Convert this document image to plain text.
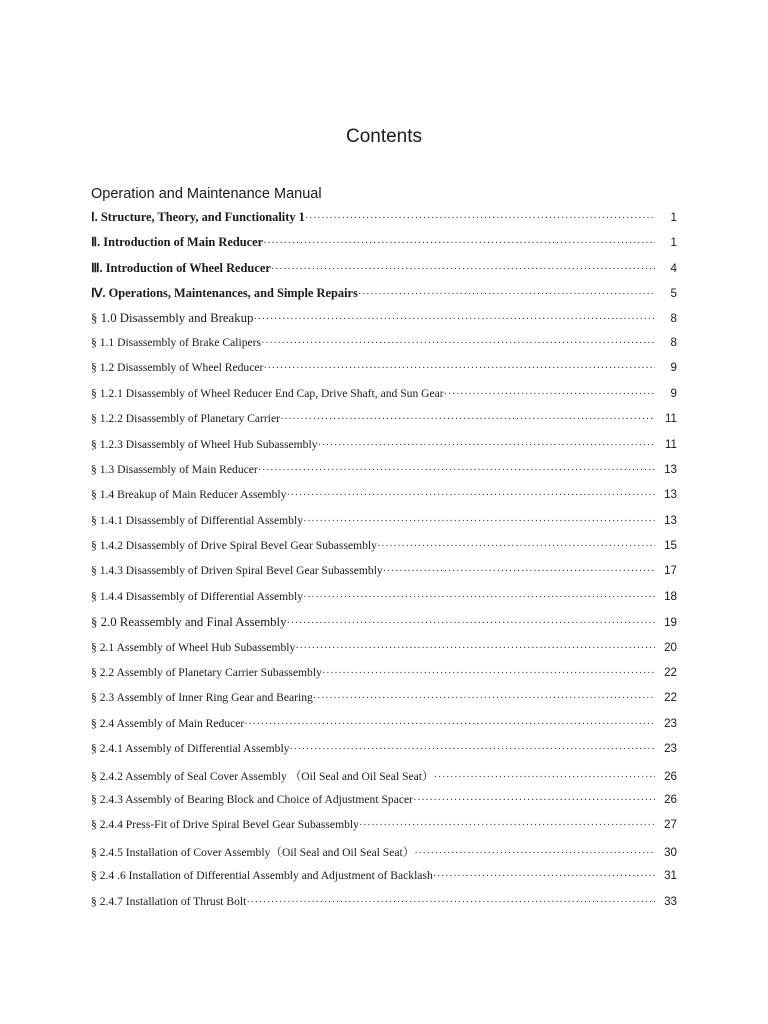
Contents
Operation and Maintenance Manual
Ⅰ. Structure, Theory, and Functionality 1 ·····	1
Ⅱ. Introduction of Main Reducer ·····	1
Ⅲ. Introduction of Wheel Reducer ·····	4
Ⅳ. Operations, Maintenances, and Simple Repairs ·····	5
§ 1.0 Disassembly and Breakup ·····	8
§ 1.1 Disassembly of Brake Calipers ·····	8
§ 1.2 Disassembly of Wheel Reducer ·····	9
§ 1.2.1 Disassembly of Wheel Reducer End Cap, Drive Shaft, and Sun Gear ·····	9
§ 1.2.2 Disassembly of Planetary Carrier ·····	11
§ 1.2.3 Disassembly of Wheel Hub Subassembly ·····	11
§ 1.3 Disassembly of Main Reducer ·····	13
§ 1.4 Breakup of Main Reducer Assembly ·····	13
§ 1.4.1 Disassembly of Differential Assembly ·····	13
§ 1.4.2 Disassembly of Drive Spiral Bevel Gear Subassembly ·····	15
§ 1.4.3 Disassembly of Driven Spiral Bevel Gear Subassembly ·····	17
§ 1.4.4 Disassembly of Differential Assembly ·····	18
§ 2.0 Reassembly and Final Assembly ·····	19
§ 2.1 Assembly of Wheel Hub Subassembly ·····	20
§ 2.2 Assembly of Planetary Carrier Subassembly ·····	22
§ 2.3 Assembly of Inner Ring Gear and Bearing ·····	22
§ 2.4 Assembly of Main Reducer ·····	23
§ 2.4.1 Assembly of Differential Assembly ·····	23
§ 2.4.2 Assembly of Seal Cover Assembly （Oil Seal and Oil Seal Seat） ·····	26
§ 2.4.3 Assembly of Bearing Block and Choice of Adjustment Spacer ·····	26
§ 2.4.4 Press-Fit of Drive Spiral Bevel Gear Subassembly ·····	27
§ 2.4.5 Installation of Cover Assembly（Oil Seal and Oil Seal Seat） ·····	30
§ 2.4 .6 Installation of Differential Assembly and Adjustment of Backlash ·····	31
§ 2.4.7 Installation of Thrust Bolt ·····	33
